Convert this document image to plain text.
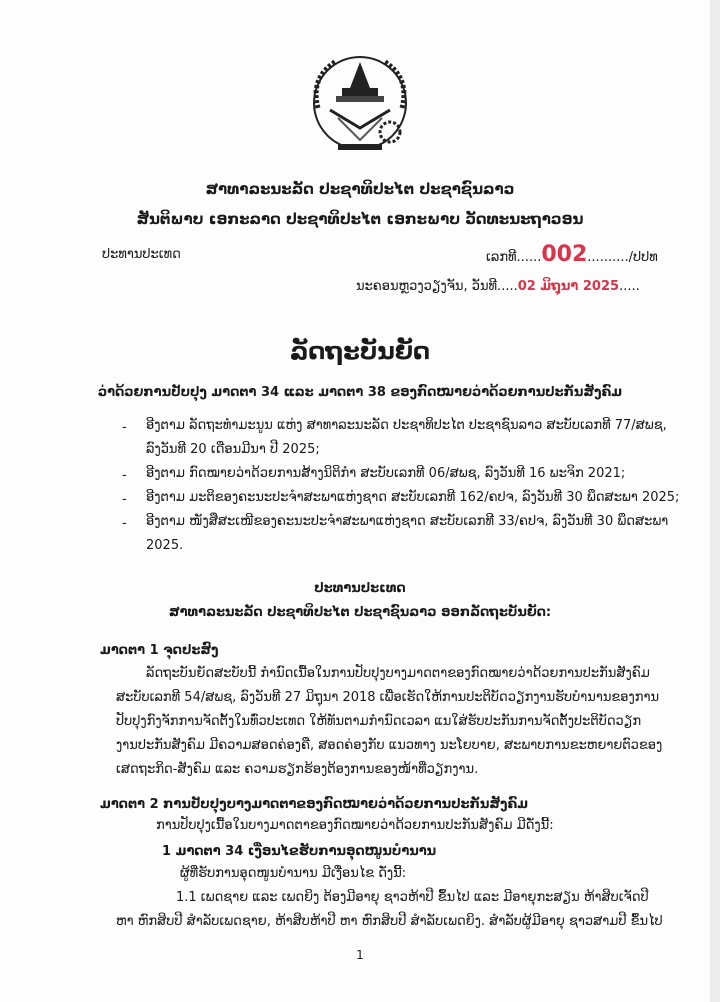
ສາທາລະນະລັດ ປະຊາທິປະໄຕ ປະຊາຊົນລາວ
ສັນຕິພາບ ເອກະລາດ ປະຊາທິປະໄຕ ເອກະພາບ ວັດທະນະຖາວອນ
ປະທານປະເທດ	ເລກທີ......002........../ປປທ
ນະຄອນຫຼວງວຽງຈັນ, ວັນທີ.....02 ມິຖຸນາ 2025.....
ລັດຖະບັນຍັດ
ວ່າດ້ວຍການປັບປຸງ ມາດຕາ 34 ແລະ ມາດຕາ 38 ຂອງກົດໝາຍວ່າດ້ວຍການປະກັນສັງຄົມ
- ອີງຕາມ ລັດຖະທຳມະນູນ ແຫ່ງ ສາທາລະນະລັດ ປະຊາທິປະໄຕ ປະຊາຊົນລາວ ສະບັບເລກທີ 77/ສພຊ,
ລົງວັນທີ 20 ເດືອນມີນາ ປີ 2025;
- ອີງຕາມ ກົດໝາຍວ່າດ້ວຍການສ້າງນິຕິກຳ ສະບັບເລກທີ 06/ສພຊ, ລົງວັນທີ 16 ພະຈິກ 2021;
- ອີງຕາມ ມະຕິຂອງຄະນະປະຈຳສະພາແຫ່ງຊາດ ສະບັບເລກທີ 162/ຄປຈ, ລົງວັນທີ 30 ພຶດສະພາ 2025;
- ອີງຕາມ ໜັງສືສະເໜີຂອງຄະນະປະຈຳສະພາແຫ່ງຊາດ ສະບັບເລກທີ 33/ຄປຈ, ລົງວັນທີ 30 ພຶດສະພາ
2025.
ປະທານປະເທດ
ສາທາລະນະລັດ ປະຊາທິປະໄຕ ປະຊາຊົນລາວ ອອກລັດຖະບັນຍັດ:
ມາດຕາ 1 ຈຸດປະສົງ
ລັດຖະບັນຍັດສະບັບນີ້ ກຳນົດເນື້ອໃນການປັບປຸງບາງມາດຕາຂອງກົດໝາຍວ່າດ້ວຍການປະກັນສັງຄົມ
ສະບັບເລກທີ 54/ສພຊ, ລົງວັນທີ 27 ມິຖຸນາ 2018 ເພື່ອເຮັດໃຫ້ການປະຕິບັດວຽກງານຮັບບຳນານຂອງການ
ປັບປຸງກົງຈັກການຈັດຕັ້ງໃນທົ່ວປະເທດ ໃຫ້ທັນຕາມກຳນົດເວລາ ແນໃສ່ຮັບປະກັນການຈັດຕັ້ງປະຕິບັດວຽກ
ງານປະກັນສັງຄົມ ມີຄວາມສອດຄ່ອງຄື, ສອດຄ່ອງກັບ ແນວທາງ ນະໂຍບາຍ, ສະພາບການຂະຫຍາຍຕົວຂອງ
ເສດຖະກິດ-ສັງຄົມ ແລະ ຄວາມຮຽກຮ້ອງຕ້ອງການຂອງໜ້າທີ່ວຽກງານ.
ມາດຕາ 2 ການປັບປຸງບາງມາດຕາຂອງກົດໝາຍວ່າດ້ວຍການປະກັນສັງຄົມ
ການປັບປຸງເນື້ອໃນບາງມາດຕາຂອງກົດໝາຍວ່າດ້ວຍການປະກັນສັງຄົມ ມີດັ່ງນີ້:
1 ມາດຕາ 34 ເງື່ອນໄຂຮັບການອຸດໜູນບຳນານ
ຜູ້ທີ່ຮັບການອຸດໜູນບຳນານ ມີເງື່ອນໄຂ ດັ່ງນີ້:
1.1 ເພດຊາຍ ແລະ ເພດຍິງ ຕ້ອງມີອາຍຸ ຊາວຫ້າປີ ຂຶ້ນໄປ ແລະ ມີອາຍຸກະສຽນ ຫ້າສິບເຈັດປີ
ຫາ ຫົກສິບປີ ສຳລັບເພດຊາຍ, ຫ້າສິບຫ້າປີ ຫາ ຫົກສິບປີ ສຳລັບເພດຍິງ. ສຳລັບຜູ້ມີອາຍຸ ຊາວສາມປີ ຂຶ້ນໄປ
1
